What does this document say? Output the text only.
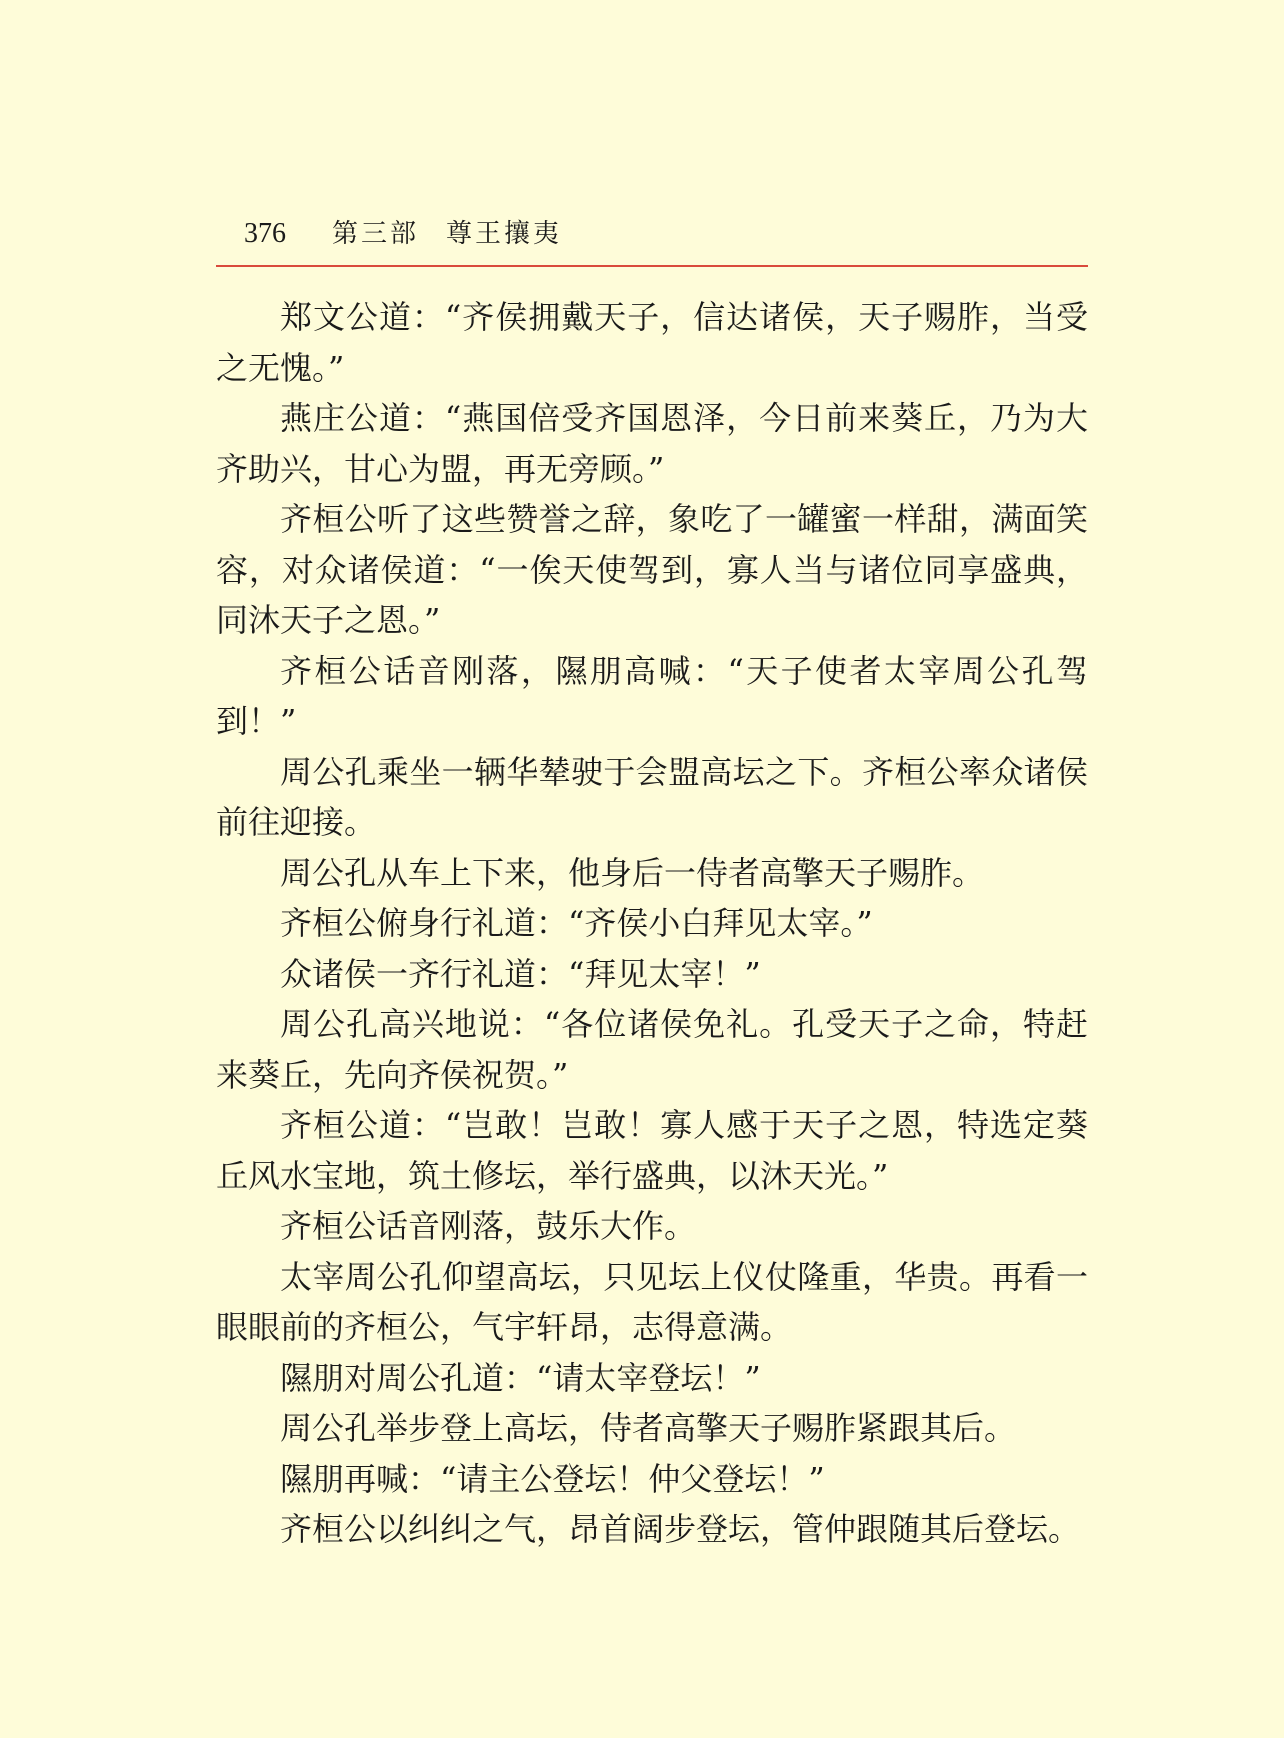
376 第三部 尊王攘夷

郑文公道：“齐侯拥戴天子，信达诸侯，天子赐胙，当受之无愧。”

燕庄公道：“燕国倍受齐国恩泽，今日前来葵丘，乃为大齐助兴，甘心为盟，再无旁顾。”

齐桓公听了这些赞誉之辞，象吃了一罐蜜一样甜，满面笑容，对众诸侯道：“一俟天使驾到，寡人当与诸位同享盛典，同沐天子之恩。”

齐桓公话音刚落，隰朋高喊：“天子使者太宰周公孔驾到！”

周公孔乘坐一辆华辇驶于会盟高坛之下。齐桓公率众诸侯前往迎接。

周公孔从车上下来，他身后一侍者高擎天子赐胙。

齐桓公俯身行礼道：“齐侯小白拜见太宰。”

众诸侯一齐行礼道：“拜见太宰！”

周公孔高兴地说：“各位诸侯免礼。孔受天子之命，特赶来葵丘，先向齐侯祝贺。”

齐桓公道：“岂敢！岂敢！寡人感于天子之恩，特选定葵丘风水宝地，筑土修坛，举行盛典，以沐天光。”

齐桓公话音刚落，鼓乐大作。

太宰周公孔仰望高坛，只见坛上仪仗隆重，华贵。再看一眼眼前的齐桓公，气宇轩昂，志得意满。

隰朋对周公孔道：“请太宰登坛！”

周公孔举步登上高坛，侍者高擎天子赐胙紧跟其后。

隰朋再喊：“请主公登坛！仲父登坛！”

齐桓公以纠纠之气，昂首阔步登坛，管仲跟随其后登坛。
